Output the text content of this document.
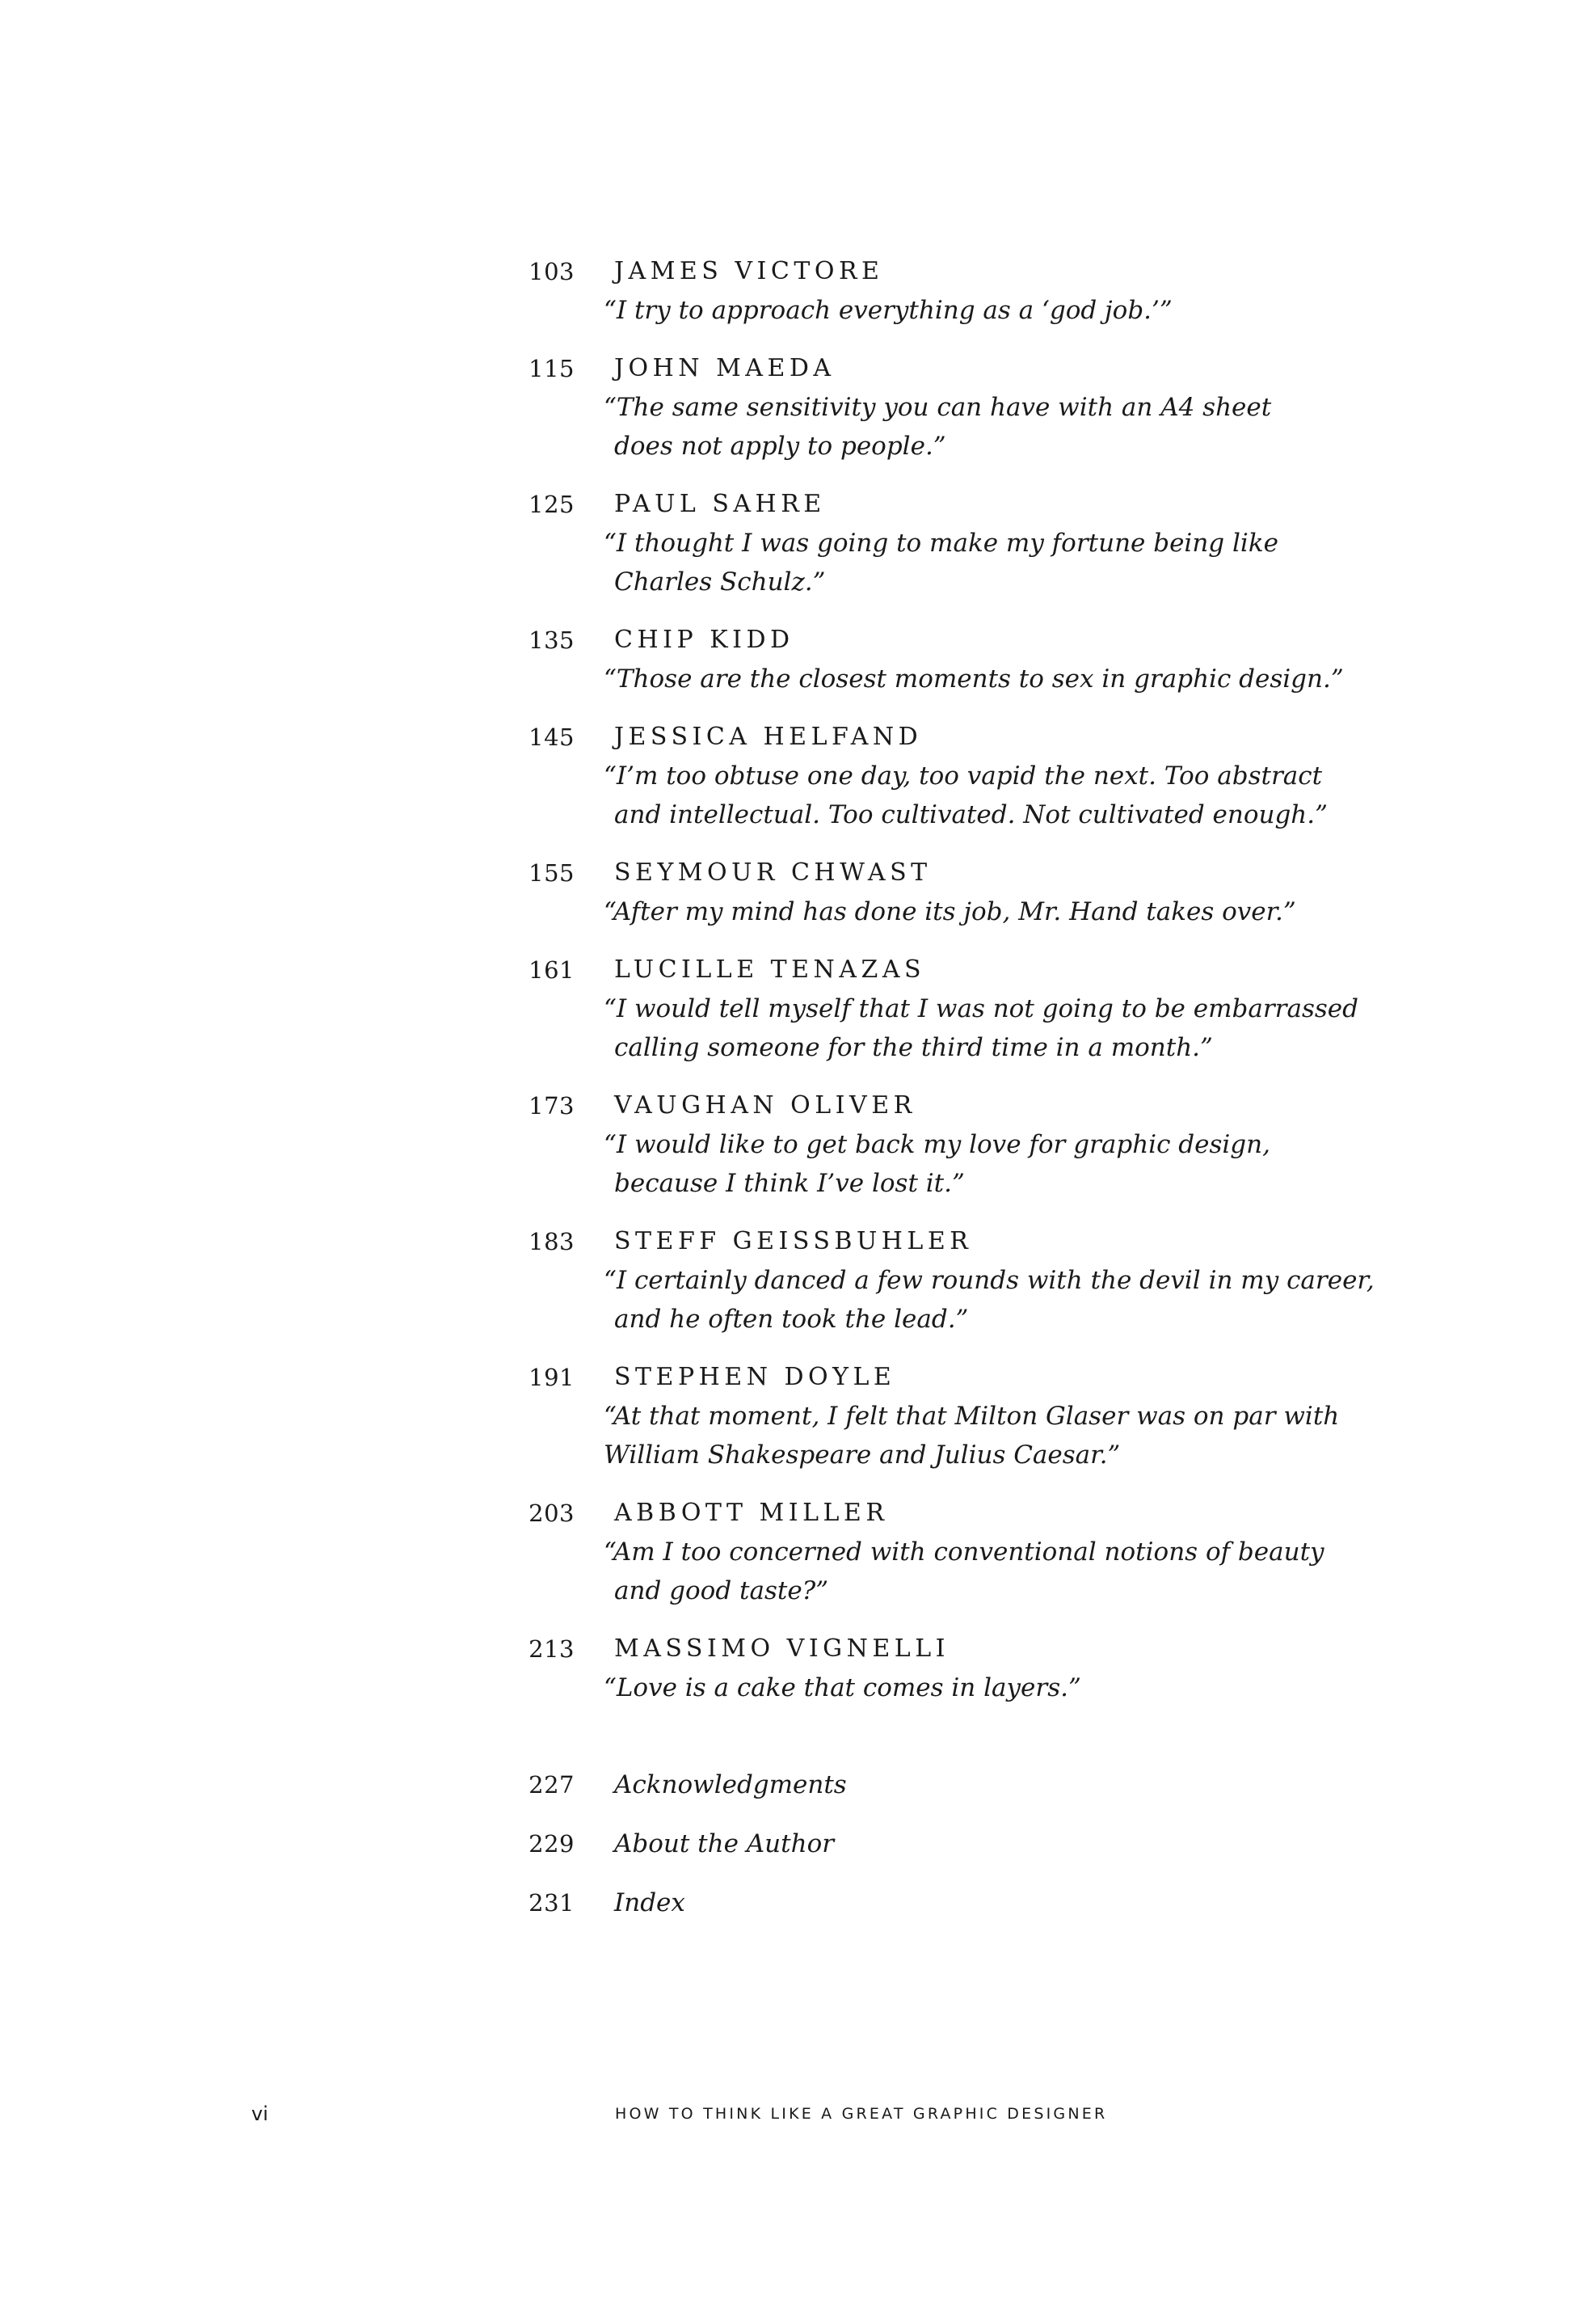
103 JAMES VICTORE

“I try to approach everything as a ‘god job.’”

115 JOHN MAEDA

“The same sensitivity you can have with an A4 sheet
does not apply to people.”

125 PAUL SAHRE

“I thought I was going to make my fortune being like
Charles Schulz.”

135 CHIP KIDD

“Those are the closest moments to sex in graphic design.”

145 JESSICA HELFAND

“I’m too obtuse one day, too vapid the next. Too abstract
and intellectual. Too cultivated. Not cultivated enough.”

155 SEYMOUR CHWAST

“After my mind has done its job, Mr. Hand takes over.”

161 LUCILLE TENAZAS

“I would tell myself that I was not going to be embarrassed
calling someone for the third time in a month.”

173 VAUGHAN OLIVER

“I would like to get back my love for graphic design,
because I think I’ve lost it.”

183 STEFF GEISSBUHLER

“I certainly danced a few rounds with the devil in my career,
and he often took the lead.”

191 STEPHEN DOYLE

“At that moment, I felt that Milton Glaser was on par with
William Shakespeare and Julius Caesar.”

203 ABBOTT MILLER

“Am I too concerned with conventional notions of beauty
and good taste?”

213 MASSIMO VIGNELLI

“Love is a cake that comes in layers.”

227 Acknowledgments
229 About the Author
231 Index
vi	HOW TO THINK LIKE A GREAT GRAPHIC DESIGNER
